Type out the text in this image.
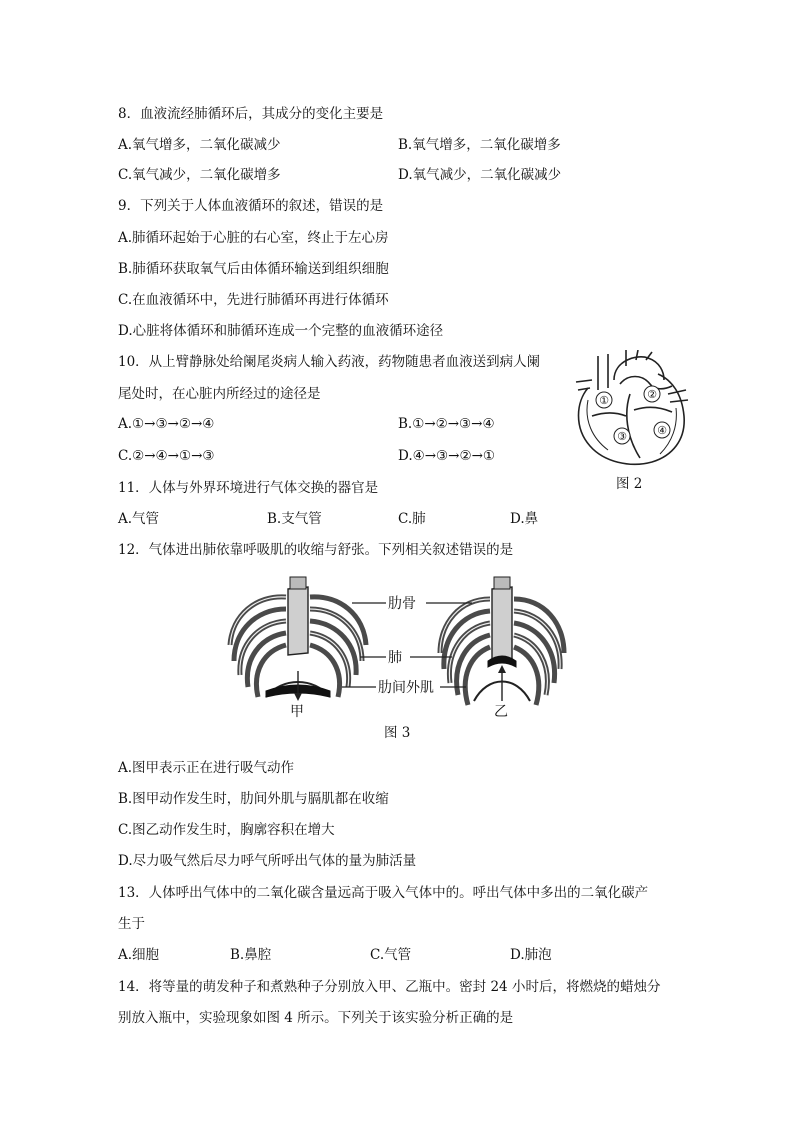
8．血液流经肺循环后，其成分的变化主要是
A.氧气增多，二氧化碳减少	B.氧气增多，二氧化碳增多
C.氧气减少，二氧化碳增多	D.氧气减少，二氧化碳减少
9．下列关于人体血液循环的叙述，错误的是
A.肺循环起始于心脏的右心室，终止于左心房
B.肺循环获取氧气后由体循环输送到组织细胞
C.在血液循环中，先进行肺循环再进行体循环
D.心脏将体循环和肺循环连成一个完整的血液循环途径
10．从上臂静脉处给阑尾炎病人输入药液，药物随患者血液送到病人阑
尾处时，在心脏内所经过的途径是
A.①→③→②→④	B.①→②→③→④
C.②→④→①→③	D.④→③→②→①
①	②
③	④
图 2
11．人体与外界环境进行气体交换的器官是
A.气管	B.支气管	C.肺	D.鼻
12．气体进出肺依靠呼吸肌的收缩与舒张。下列相关叙述错误的是
肋骨
肺
肋间外肌
甲	乙
图 3
A.图甲表示正在进行吸气动作
B.图甲动作发生时，肋间外肌与膈肌都在收缩
C.图乙动作发生时，胸廓容积在增大
D.尽力吸气然后尽力呼气所呼出气体的量为肺活量
13．人体呼出气体中的二氧化碳含量远高于吸入气体中的。呼出气体中多出的二氧化碳产
生于
A.细胞	B.鼻腔	C.气管	D.肺泡
14．将等量的萌发种子和煮熟种子分别放入甲、乙瓶中。密封 24 小时后，将燃烧的蜡烛分
别放入瓶中，实验现象如图 4 所示。下列关于该实验分析正确的是
